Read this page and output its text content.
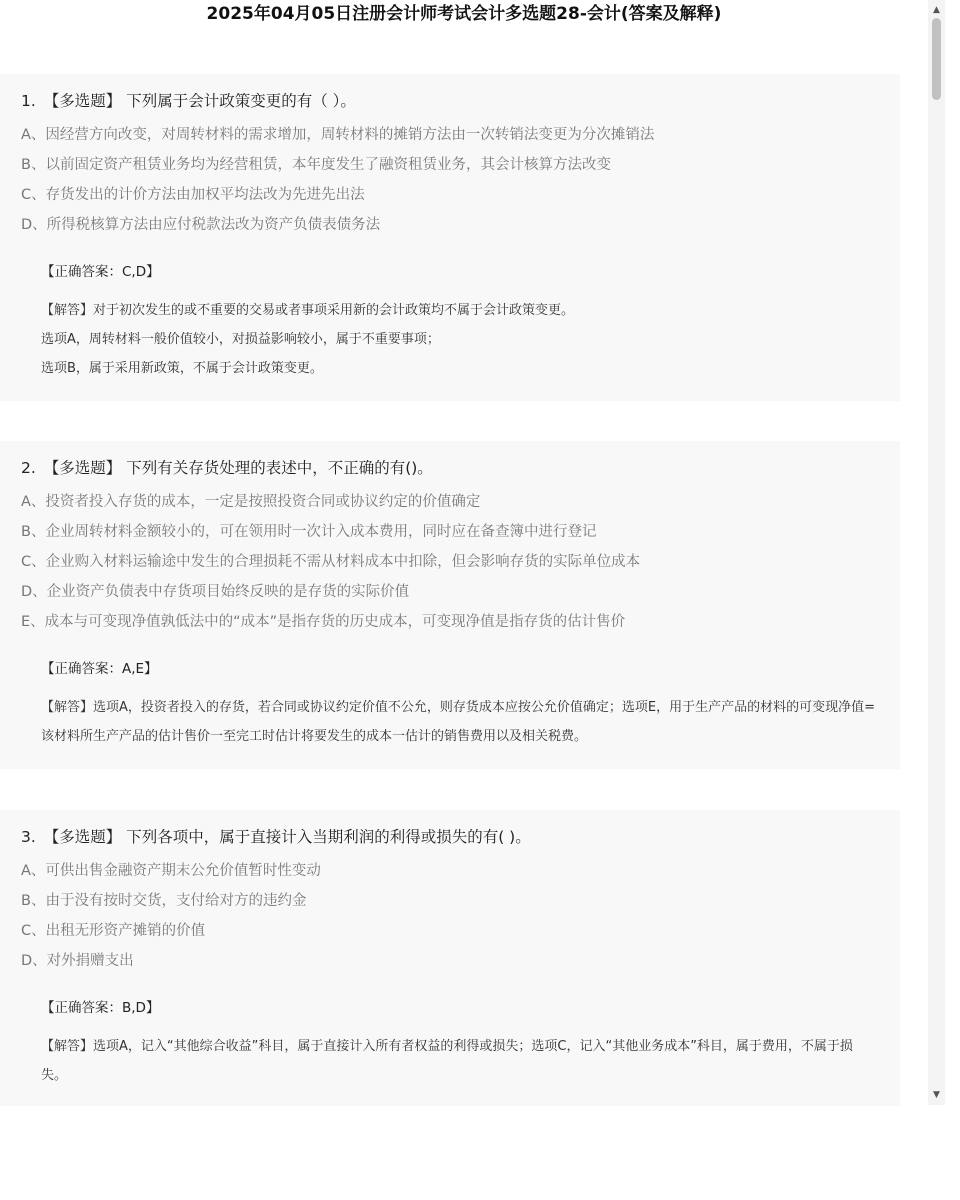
2025年04月05日注册会计师考试会计多选题28-会计(答案及解释)
1. 【多选题】 下列属于会计政策变更的有（ ）。
A、因经营方向改变，对周转材料的需求增加，周转材料的摊销方法由一次转销法变更为分次摊销法
B、以前固定资产租赁业务均为经营租赁，本年度发生了融资租赁业务，其会计核算方法改变
C、存货发出的计价方法由加权平均法改为先进先出法
D、所得税核算方法由应付税款法改为资产负债表债务法
【正确答案：C,D】
【解答】对于初次发生的或不重要的交易或者事项采用新的会计政策均不属于会计政策变更。
选项A，周转材料一般价值较小，对损益影响较小，属于不重要事项；
选项B，属于采用新政策，不属于会计政策变更。
2. 【多选题】 下列有关存货处理的表述中，不正确的有()。
A、投资者投入存货的成本，一定是按照投资合同或协议约定的价值确定
B、企业周转材料金额较小的，可在领用时一次计入成本费用，同时应在备查簿中进行登记
C、企业购入材料运输途中发生的合理损耗不需从材料成本中扣除，但会影响存货的实际单位成本
D、企业资产负债表中存货项目始终反映的是存货的实际价值
E、成本与可变现净值孰低法中的“成本”是指存货的历史成本，可变现净值是指存货的估计售价
【正确答案：A,E】
【解答】选项A，投资者投入的存货，若合同或协议约定价值不公允，则存货成本应按公允价值确定；选项E，用于生产产品的材料的可变现净值=该材料所生产产品的估计售价一至完工时估计将要发生的成本一估计的销售费用以及相关税费。
3. 【多选题】 下列各项中，属于直接计入当期利润的利得或损失的有( )。
A、可供出售金融资产期末公允价值暂时性变动
B、由于没有按时交货，支付给对方的违约金
C、出租无形资产摊销的价值
D、对外捐赠支出
【正确答案：B,D】
【解答】选项A，记入“其他综合收益”科目，属于直接计入所有者权益的利得或损失；选项C，记入“其他业务成本”科目，属于费用，不属于损失。
▲
▼
